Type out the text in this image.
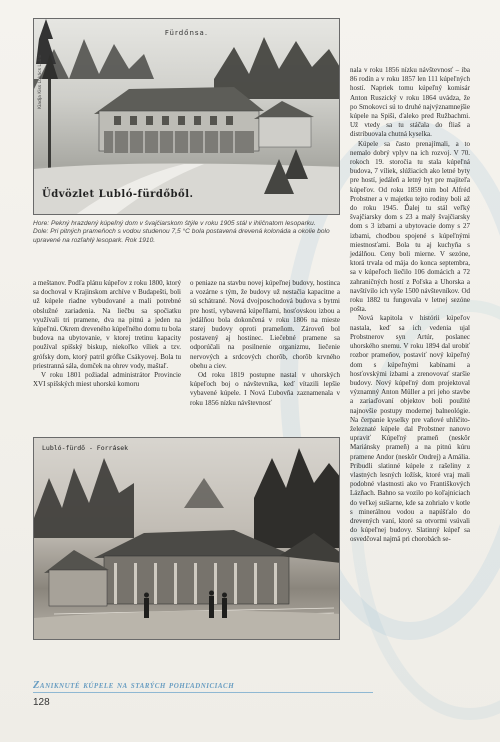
Fürdőnsa.
Üdvözlet Lubló-fürdőből.
Kiadja Kiss Lukács Lubló
Hore: Pekný hrazdený kúpeľný dom v švajčiarskom štýle v roku 1905 stál v ihličnatom lesoparku.
Dole: Pri pitných prameňoch s vodou studenou 7,5 °C bola postavená drevená kolonáda a okolie bolo upravené na rozľahlý lesopark. Rok 1910.

a meštanov. Podľa plánu kúpeľov z roku 1800, ktorý sa dochoval v Krajinskom archíve v Budapešti, boli už kúpele riadne vybudované a mali potrebné obslužné zariadenia. Na liečbu sa spočiatku využívali tri pramene, dva na pitnú a jeden na kúpeľnú. Okrem dreveného kúpeľného domu tu bola budova na ubytovanie, v ktorej tretinu kapacity používal spišský biskup, niekoľko víliek a tzv. grófsky dom, ktorý patril grófke Csákyovej. Bola tu priestranná sála, domček na ohrev vody, maštaľ.

V roku 1801 požiadal administrátor Provincie XVI spišských miest uhorskú komoru

o peniaze na stavbu novej kúpeľnej budovy, hostinca a vozárne s tým, že budovy už nestačia kapacitne a sú schátrané. Nová dvojposchodová budova s bytmi pre hostí, vybavená kúpeľňami, hosťovskou izbou a jedálňou bola dokončená v roku 1806 na mieste starej budovy oproti prameňom. Zároveň bol postavený aj hostinec. Liečebné pramene sa odporúčali na posilnenie organizmu, liečenie nervových a srdcových chorôb, chorôb krvného obehu a ciev.

Od roku 1819 postupne nastal v uhorských kúpeľoch boj o návštevníka, keď vítazili lepšie vybavené kúpele. I Nová Ľubovňa zaznamenala v roku 1856 nízku návštevnosť

nala v roku 1856 nízku návštevnosť – iba 86 rodín a v roku 1857 len 111 kúpeľných hostí. Napriek tomu kúpeľný komisár Anton Ruszický v roku 1864 uvádza, že po Smokovci sú to druhé najvýznamnejšie kúpele na Spiši, ďaleko pred Ružbachmi. Už vtedy sa tu stáčala do fliaš a distribuovala chutná kyselka.

Kúpele sa často prenajímali, a to nemalo dobrý vplyv na ich rozvoj. V 70. rokoch 19. storočia tu stala kúpeľná budova, 7 víliek, slúžiacich ako letné byty pre hostí, jedáleň a letný byt pre majiteľa kúpeľov. Od roku 1859 nim bol Alfréd Probstner a v majetku tejto rodiny boli až do roku 1945. Ďalej tu stál veľký švajčiarsky dom s 23 a malý švajčiarsky dom s 3 izbami a ubytovacie domy s 27 izbami, chodbou spojené s kúpeľnými miestnosťami. Bola tu aj kuchyňa s jedálňou. Ceny boli mierne. V sezóne, ktorá trvala od mája do konca septembra, sa v kúpeľoch liečilo 106 domácich a 72 zahraničných hostí z Poľska a Uhorska a navštívilo ich vyše 1500 návštevníkov. Od roku 1882 tu fungovala v letnej sezóne pošta.

Nová kapitola v histórii kúpeľov nastala, keď sa ich vedenia ujal Probstnerov syn Artúr, poslanec uhorského snemu. V roku 1894 dal urobiť rozbor prameňov, postaviť nový kúpeľný dom s kúpeľnými kabínami a hosťovskými izbami a zrenovovať staršie budovy. Nový kúpeľný dom projektoval významný Anton Müller a pri jeho stavbe a zariaďovaní objektov boli použité najnovšie postupy modernej balneológie. Na čerpanie kyselky pre vaňové uhličito-železnaté kúpele dal Probstner nanovo upraviť Kúpeľný prameň (neskôr Mariánsky prameň) a na pitnú kúru pramene Andor (neskôr Ondrej) a Amália. Pribudli slatinné kúpele z rašeliny z vlastných lesných ložísk, ktoré vraj mali podobné vlastnosti ako vo Františkových Lázňach. Bahno sa vozilo po koľajniciach do veľkej sušiarne, kde sa zohrialo v kotle s minerálnou vodou a napúšťalo do drevených vaní, ktoré sa otvormi vsúvali do kúpeľnej budovy. Slatinný kúpeľ sa osvedčoval najmä pri chorobách se-

Lubló-fürdő - Forrásek
Zaniknuté kúpele na starých pohľadniciach
128
